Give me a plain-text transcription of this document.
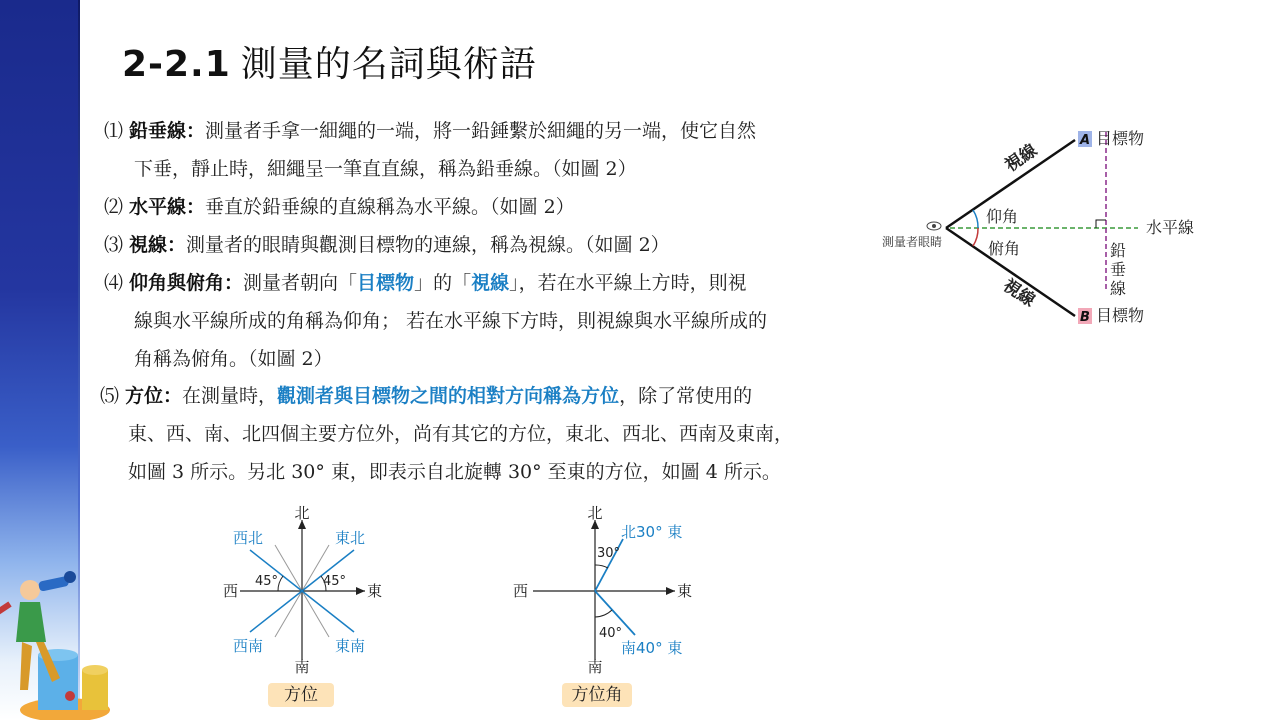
2-2.1 測量的名詞與術語
⑴ 鉛垂線：測量者手拿一細繩的一端，將一鉛錘繫於細繩的另一端，使它自然
下垂，靜止時，細繩呈一筆直直線，稱為鉛垂線。（如圖 2）
⑵ 水平線：垂直於鉛垂線的直線稱為水平線。（如圖 2）
⑶ 視線：測量者的眼睛與觀測目標物的連線，稱為視線。（如圖 2）
⑷ 仰角與俯角：測量者朝向「目標物」的「視線」，若在水平線上方時，則視
線與水平線所成的角稱為仰角； 若在水平線下方時，則視線與水平線所成的
角稱為俯角。（如圖 2）
⑸ 方位：在測量時，觀測者與目標物之間的相對方向稱為方位，除了常使用的
東、西、南、北四個主要方位外，尚有其它的方位，東北、西北、西南及東南，
如圖 3 所示。另北 30° 東，即表示自北旋轉 30° 至東的方位，如圖 4 所示。
測量者眼睛
仰角
俯角
水平線
視線
視線
鉛
垂
線
A 目標物
B 目標物
北
南
西	東
西北	東北
西南	東南
45°	45°
方位
北
南
西	東
北30° 東
南40° 東
30°
40°
方位角
